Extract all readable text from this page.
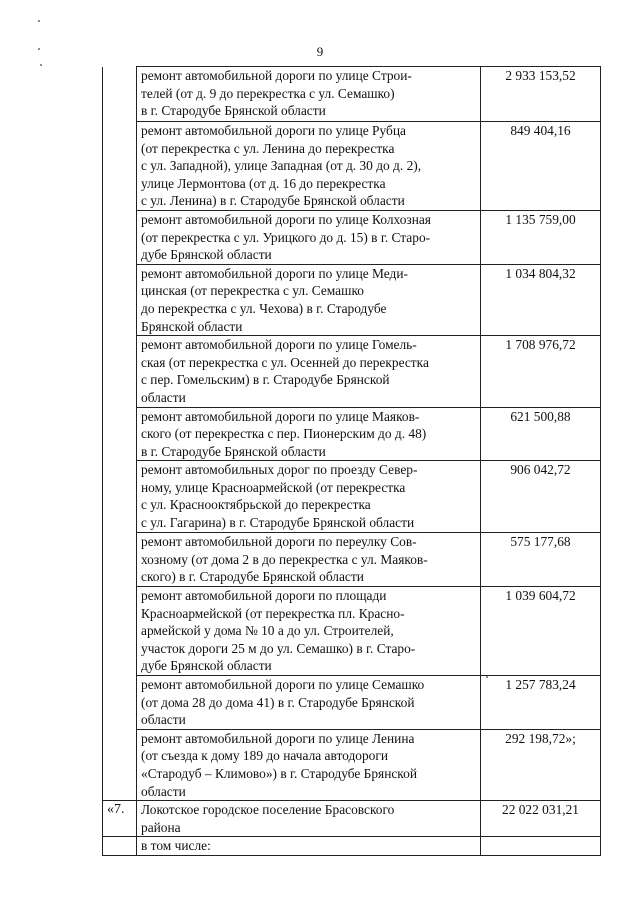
9

	ремонт автомобильной дороги по улице Строи-
телей (от д. 9 до перекрестка с ул. Семашко)
в г. Стародубе Брянской области	2 933 153,52

	ремонт автомобильной дороги по улице Рубца
(от перекрестка с ул. Ленина до перекрестка
с ул. Западной), улице Западная (от д. 30 до д. 2),
улице Лермонтова (от д. 16 до перекрестка
с ул. Ленина) в г. Стародубе Брянской области	849 404,16

	ремонт автомобильной дороги по улице Колхозная
(от перекрестка с ул. Урицкого до д. 15) в г. Старо-
дубе Брянской области	1 135 759,00

	ремонт автомобильной дороги по улице Меди-
цинская (от перекрестка с ул. Семашко
до перекрестка с ул. Чехова) в г. Стародубе
Брянской области	1 034 804,32

	ремонт автомобильной дороги по улице Гомель-
ская (от перекрестка с ул. Осенней до перекрестка
с пер. Гомельским) в г. Стародубе Брянской
области	1 708 976,72

	ремонт автомобильной дороги по улице Маяков-
ского (от перекрестка с пер. Пионерским до д. 48)
в г. Стародубе Брянской области	621 500,88

	ремонт автомобильных дорог по проезду Север-
ному, улице Красноармейской (от перекрестка
с ул. Краснооктябрьской до перекрестка
с ул. Гагарина) в г. Стародубе Брянской области	906 042,72

	ремонт автомобильной дороги по переулку Сов-
хозному (от дома 2 в до перекрестка с ул. Маяков-
ского) в г. Стародубе Брянской области	575 177,68

	ремонт автомобильной дороги по площади
Красноармейской (от перекрестка пл. Красно-
армейской у дома № 10 а до ул. Строителей,
участок дороги 25 м до ул. Семашко) в г. Старо-
дубе Брянской области	1 039 604,72

	ремонт автомобильной дороги по улице Семашко
(от дома 28 до дома 41) в г. Стародубе Брянской
области	1 257 783,24

	ремонт автомобильной дороги по улице Ленина
(от съезда к дому 189 до начала автодороги
«Стародуб – Климово») в г. Стародубе Брянской
области	292 198,72»;
«7.	Локотское городское поселение Брасовского
района	22 022 031,21

	в том числе:	
